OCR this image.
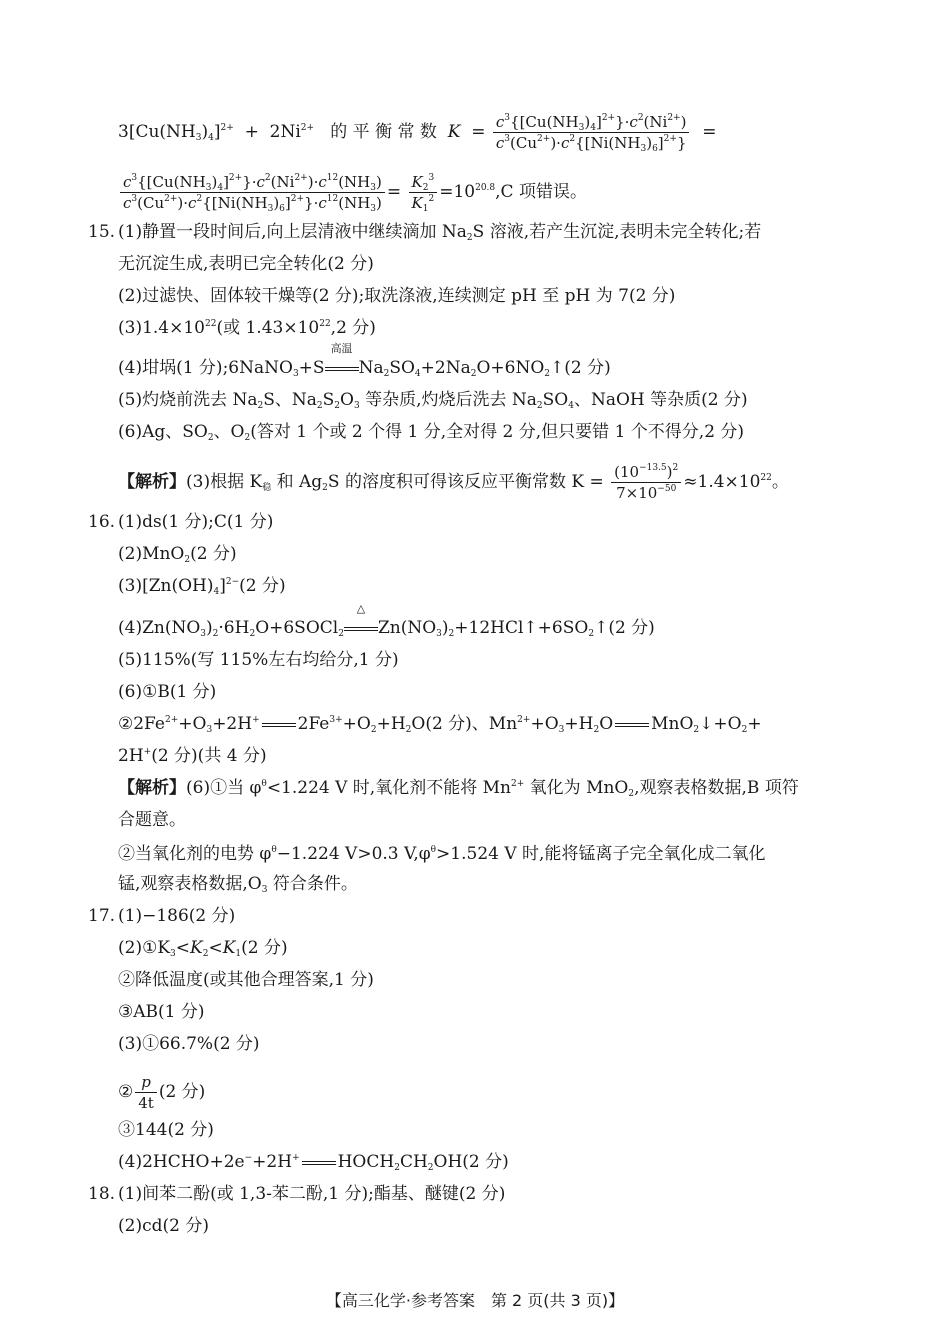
$3[Cu(NH_3)_4]^{2+} + 2Ni^{2+}$ 的 平 衡 常 数 $K = \frac{c^3\{[Cu(NH_3)_4]^{2+}\}\cdot c^2(Ni^{2+})}{c^3(Cu^{2+})\cdot c^2\{[Ni(NH_3)_6]^{2+}\}}$ =
$\frac{c^3\{[Cu(NH_3)_4]^{2+}\}\cdot c^2(Ni^{2+})\cdot c^{12}(NH_3)}{c^3(Cu^{2+})\cdot c^2\{[Ni(NH_3)_6]^{2+}\}\cdot c^{12}(NH_3)} = \frac{K_2^3}{K_1^2} =10^{20.8},C$ 项错误。
15. (1)静置一段时间后,向上层清液中继续滴加 $Na_2S$ 溶液,若产生沉淀,表明未完全转化;若
无沉淀生成,表明已完全转化(2 分)
(2)过滤快、固体较干燥等(2 分);取洗涤液,连续测定 pH 至 pH 为 7(2 分)
$(3)1.4\times 10^{22}$(或 $1.43\times 10^{22},2$ 分)
(4)坩埚(1 分);6NaNO$_3$+S
高温
$Na_2SO_4+2Na_2O+6NO_2↑(2$ 分)
(5)灼烧前洗去 $Na_2S$、$Na_2S_2O_3$ 等杂质,灼烧后洗去 $Na_2SO_4$、NaOH 等杂质(2 分)
(6)Ag、$SO_2$、$O_2$(答对 1 个或 2 个得 1 分,全对得 2 分,但只要错 1 个不得分,2 分)
【解析】(3)根据 $K_稳$ 和 $Ag_2S$ 的溶度积可得该反应平衡常数 $K = \frac{(10^{-13.5})^2}{7\times 10^{-50}} \approx 1.4\times 10^{22}$。
16. (1)ds(1 分);C(1 分)
(2)MnO$_2$(2 分)
$(3)[Zn(OH)_4]^{2-}(2$ 分)
$(4)Zn(NO_3)_2\cdot 6H_2O+6SOCl_2$
△
$Zn(NO_3)_2+12HCl↑+6SO_2↑(2$ 分)
(5)115%(写 115%左右均给分,1 分)
(6)①B(1 分)
$②2Fe^{2+}+O_3+2H^+$ $2Fe^{3+}+O_2+H_2O(2$ 分)、$Mn^{2+}+O_3+H_2O$ $MnO_2↓+O_2+$
2H+(2 分)(共 4 分)
【解析】(6)①当 $\varphi^\theta<1.224$ V 时,氧化剂不能将 $Mn^{2+}$ 氧化为 MnO$_2$,观察表格数据,B 项符
合题意。
②当氧化剂的电势 $\varphi^\theta-1.224$ V>0.3 $V,\varphi^\theta>1.524$ V 时,能将锰离子完全氧化成二氧化
锰,观察表格数据$,O_3$ 符合条件。
17. (1)−186(2 分)
$(2)①K_3<K_2<K_1(2$ 分)
②降低温度(或其他合理答案,1 分)
③AB(1 分)
(3)①66.7%(2 分)
② $\frac{p}{4t} (2$ 分)
③144(2 分)
(4)2HCHO+2e−+2H+ $HOCH_2CH_2OH(2$ 分)
18. (1)间苯二酚(或 1,3-苯二酚,1 分);酯基、醚键(2 分)
(2)cd(2 分)
【高三化学·参考答案　第 2 页(共 3 页)】
